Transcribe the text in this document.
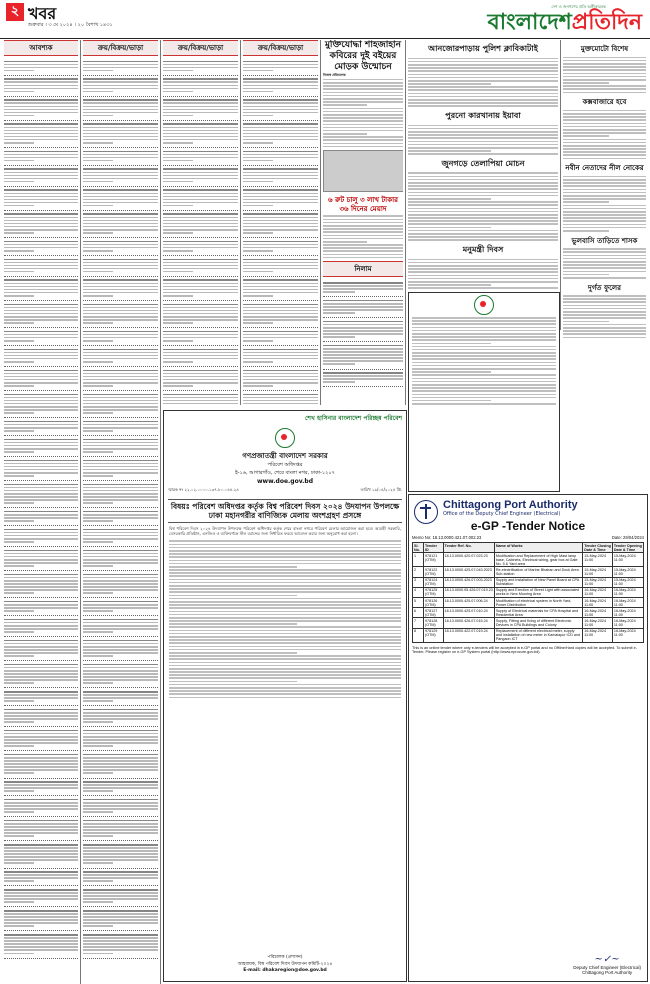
২ খবর
শুক্রবার । ৩ মে ২০২৪ । ২০ বৈশাখ ১৪৩১
দেশ ও জনগণের প্রতি অঙ্গীকারবদ্ধ
বাংলাদেশপ্রতিদিন
আবশ্যক	ক্রয়/বিক্রয়/ভাড়া	ক্রয়/বিক্রয়/ভাড়া	ক্রয়/বিক্রয়/ভাড়া	মুক্তিযোদ্ধা শাহজাহান কবিরের দুই বইয়ের মোড়ক উন্মোচন
নিজস্ব প্রতিবেদক
৬ রুট চালু ৩ লাখ টাকার ৩৬ দিনের মেয়াদ
নিলাম
আনজোরপাড়ায় পুলিশ ক্লাবিকাটাই
পুরনো কারখানায় ইয়াবা
জুনগড়ে তেলাপিয়া মোচন
মনুমন্ত্রী দিবস
মুক্তমোটো বিশেষ
কক্সবাজারে হবে
নবীন নেতাদের নীল নোকের
ভুলবাসি তাড়িতে শাসক
দুর্গত ফুলের
শেখ হাসিনার বাংলাদেশ পরিচ্ছন্ন পরিবেশ
গণপ্রজাতন্ত্রী বাংলাদেশ সরকার
পরিবেশ অধিদপ্তর
ই-১৬, আগারগাঁও, শেরে বাংলা নগর, ঢাকা-১২০৭
www.doe.gov.bd
স্মারক নং ২২.০২.০০০০.১৩৭.৮০.০৪৪.২৪	তারিখ ১৯/০৪/২০২৪ খ্রি.
বিষয়ঃ পরিবেশ অধিদপ্তর কর্তৃক বিশ্ব পরিবেশ দিবস ২০২৪ উদযাপন উপলক্ষে ঢাকা মহানগরীর বাণিজ্যিক মেলায় অংশগ্রহণ প্রসঙ্গে
বিশ্ব পরিবেশ দিবস ২০২৪ উদযাপন উপলক্ষে পরিবেশ অধিদপ্তর কর্তৃক শেরে বাংলা নগরে পরিবেশ মেলার আয়োজন করা হবে। আগ্রহী সরকারি, বেসরকারি প্রতিষ্ঠান, এনজিও ও ব্যক্তিবর্গকে স্টল বরাদ্দের জন্য নির্ধারিত ফরমে আবেদন করার জন্য অনুরোধ করা হলো।
পরিচালক (প্রশাসন)
আহবায়ক, বিশ্ব পরিবেশ দিবস উদযাপন কমিটি-২০২৪
E-mail: dhakaregion@doe.gov.bd
Chittagong Port Authority
Office of the Deputy Chief Engineer (Electrical)
e-GP -Tender Notice
Memo No: 18.13.0000.421.07.002.23	Date: 29/04/2024
Sl. No.	Tender ID	Tender Ref. No.	Name of Works	Tender Closing Date & Time	Tender Opening Date & Time
1	978121 (OTM)	18.13.0000.420.07.023.23	Modification and Replacement of High Mast lamp base, Cabinets, Electrical wiring, gear box at Gate No. 5 & Yard area	15-May-2024 11:00	15-May-2024 11:00
2	978122 (OTM)	18.13.0000.425.07.043.2023	Re-electrification of Marine Bhaban and Dock Area Sub-station	15-May-2024 11:00	15-May-2024 11:00
3	978124 (OTM)	18.13.0000.426.07.003.2023	Supply and Installation of New Panel Board at CPA Substation	15-May-2024 11:00	15-May-2024 11:00
4	978125 (OTM)	18.13.0000.05.426.07.019.23	Supply and Erection of Street Light with associated works in New Mooring Area	16-May-2024 11:00	16-May-2024 11:00
5	978126 (OTM)	18.13.0000.425.07.006.24	Modification of electrical system in North Yard, Power Distribution	16-May-2024 11:00	16-May-2024 11:00
6	978127 (OTM)	18.13.0000.425.07.010.24	Supply of Electrical materials for CPA Hospital and Residential Area	16-May-2024 11:00	16-May-2024 11:00
7	978128 (OTM)	18.13.0000.426.07.015.24	Supply, Fitting and fixing of different Electronic Devices in CPA Buildings and Colony	16-May-2024 11:00	16-May-2024 11:00
8	978129 (OTM)	18.13.0000.422.07.019.24	Replacement of different electrical meter, supply and installation of new meter in Kamalapur ICD and Pangaon ICT	16-May-2024 11:00	16-May-2024 11:00
This is an online tender where only e-tenders will be accepted in e-GP portal and no Offline/Hard copies will be accepted. To submit e-Tender, Please register on e-GP System portal (http://www.eprocure.gov.bd).
~✓~
Deputy Chief Engineer (Electrical)
Chittagong Port Authority
